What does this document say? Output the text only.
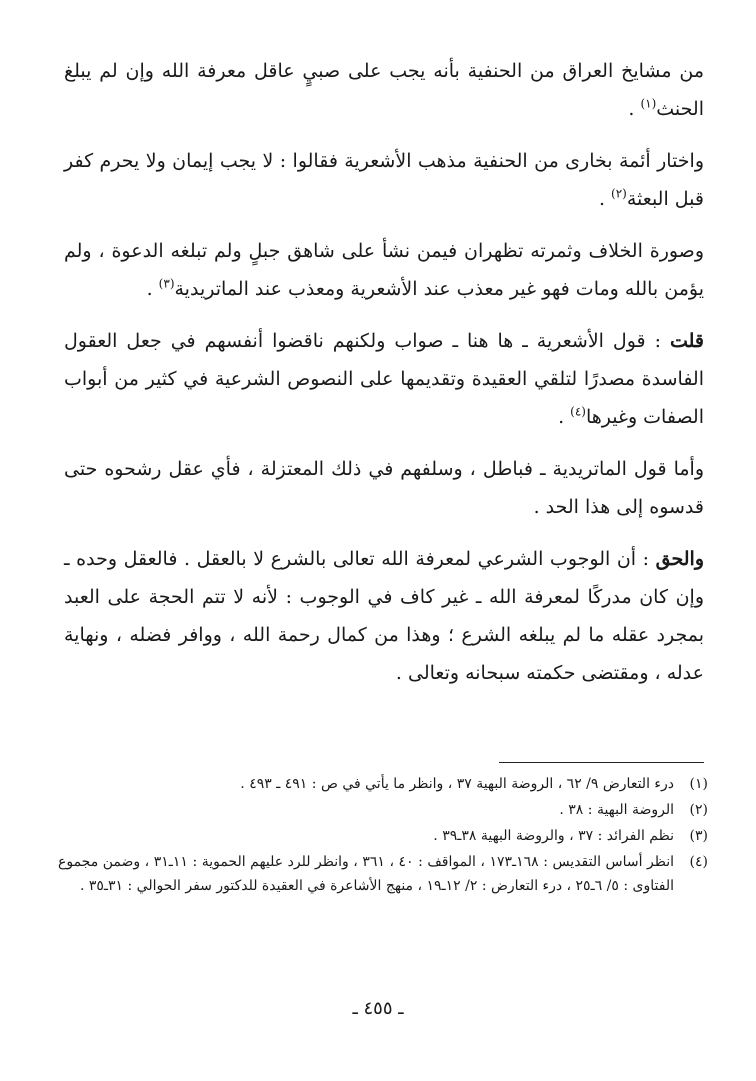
من مشايخ العراق من الحنفية بأنه يجب على صبيٍ عاقل معرفة الله وإن لم يبلغ الحنث$^{(١)}$ .

واختار أئمة بخارى من الحنفية مذهب الأشعرية فقالوا : لا يجب إيمان ولا يحرم كفر قبل البعثة$^{(٢)}$ .

وصورة الخلاف وثمرته تظهران فيمن نشأ على شاهق جبلٍ ولم تبلغه الدعوة ، ولم يؤمن بالله ومات فهو غير معذب عند الأشعرية ومعذب عند الماتريدية$^{(٣)}$ .

قلت : قول الأشعرية ـ ها هنا ـ صواب ولكنهم ناقضوا أنفسهم في جعل العقول الفاسدة مصدرًا لتلقي العقيدة وتقديمها على النصوص الشرعية في كثير من أبواب الصفات وغيرها$^{(٤)}$ .

وأما قول الماتريدية ـ فباطل ، وسلفهم في ذلك المعتزلة ، فأي عقل رشحوه حتى قدسوه إلى هذا الحد .

والحق : أن الوجوب الشرعي لمعرفة الله تعالى بالشرع لا بالعقل . فالعقل وحده ـ وإن كان مدركًا لمعرفة الله ـ غير كاف في الوجوب : لأنه لا تتم الحجة على العبد بمجرد عقله ما لم يبلغه الشرع ؛ وهذا من كمال رحمة الله ، ووافر فضله ، ونهاية عدله ، ومقتضى حكمته سبحانه وتعالى .

(١)
درء التعارض ٩/ ٦٢ ، الروضة البهية ٣٧ ، وانظر ما يأتي في ص : ٤٩١ ـ ٤٩٣ .
(٢)
الروضة البهية : ٣٨ .
(٣)
نظم الفرائد : ٣٧ ، والروضة البهية ٣٨ـ٣٩ .
(٤)
انظر أساس التقديس : ١٦٨ـ١٧٣ ، المواقف : ٤٠ ، ٣٦١ ، وانظر للرد عليهم الحموية : ١١ـ٣١ ، وضمن مجموع الفتاوى : ٥/ ٦ـ٢٥ ، درء التعارض : ٢/ ١٢ـ١٩ ، منهج الأشاعرة في العقيدة للدكتور سفر الحوالي : ٣١ـ٣٥ .
ـ ٤٥٥ ـ
